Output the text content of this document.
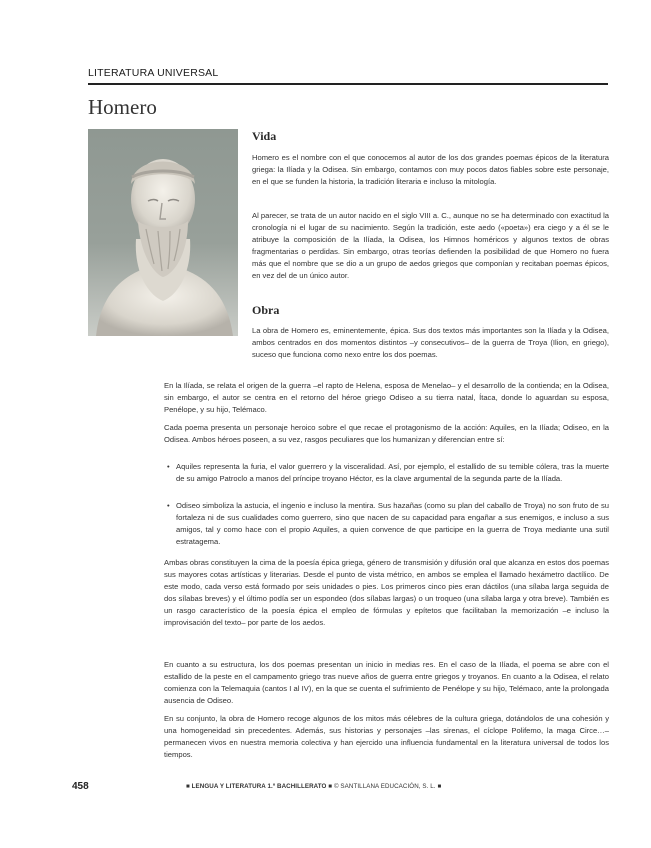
LITERATURA UNIVERSAL
Homero
Vida

Homero es el nombre con el que conocemos al autor de los dos grandes poemas épicos de la literatura griega: la Ilíada y la Odisea. Sin embargo, contamos con muy pocos datos fiables sobre este personaje, en el que se funden la historia, la tradición literaria e incluso la mitología.

Al parecer, se trata de un autor nacido en el siglo VIII a. C., aunque no se ha determinado con exactitud la cronología ni el lugar de su nacimiento. Según la tradición, este aedo («poeta») era ciego y a él se le atribuye la composición de la Ilíada, la Odisea, los Himnos homéricos y algunos textos de obras fragmentarias o perdidas. Sin embargo, otras teorías defienden la posibilidad de que Homero no fuera más que el nombre que se dio a un grupo de aedos griegos que componían y recitaban poemas épicos, en vez del de un único autor.

Obra

La obra de Homero es, eminentemente, épica. Sus dos textos más importantes son la Ilíada y la Odisea, ambos centrados en dos momentos distintos –y consecutivos– de la guerra de Troya (Ilion, en griego), suceso que funciona como nexo entre los dos poemas.

En la Ilíada, se relata el origen de la guerra –el rapto de Helena, esposa de Menelao– y el desarrollo de la contienda; en la Odisea, sin embargo, el autor se centra en el retorno del héroe griego Odiseo a su tierra natal, Ítaca, donde lo aguardan su esposa, Penélope, y su hijo, Telémaco.

Cada poema presenta un personaje heroico sobre el que recae el protagonismo de la acción: Aquiles, en la Ilíada; Odiseo, en la Odisea. Ambos héroes poseen, a su vez, rasgos peculiares que los humanizan y diferencian entre sí:

• Aquiles representa la furia, el valor guerrero y la visceralidad. Así, por ejemplo, el estallido de su temible cólera, tras la muerte de su amigo Patroclo a manos del príncipe troyano Héctor, es la clave argumental de la segunda parte de la Ilíada.
• Odiseo simboliza la astucia, el ingenio e incluso la mentira. Sus hazañas (como su plan del caballo de Troya) no son fruto de su fortaleza ni de sus cualidades como guerrero, sino que nacen de su capacidad para engañar a sus enemigos, e incluso a sus amigos, tal y como hace con el propio Aquiles, a quien convence de que participe en la guerra de Troya mediante una sutil estratagema.

Ambas obras constituyen la cima de la poesía épica griega, género de transmisión y difusión oral que alcanza en estos dos poemas sus mayores cotas artísticas y literarias. Desde el punto de vista métrico, en ambos se emplea el llamado hexámetro dactílico. De este modo, cada verso está formado por seis unidades o pies. Los primeros cinco pies eran dáctilos (una sílaba larga seguida de dos sílabas breves) y el último podía ser un espondeo (dos sílabas largas) o un troqueo (una sílaba larga y otra breve). También es un rasgo característico de la poesía épica el empleo de fórmulas y epítetos que facilitaban la memorización –e incluso la improvisación del texto– por parte de los aedos.

En cuanto a su estructura, los dos poemas presentan un inicio in medias res. En el caso de la Ilíada, el poema se abre con el estallido de la peste en el campamento griego tras nueve años de guerra entre griegos y troyanos. En cuanto a la Odisea, el relato comienza con la Telemaquia (cantos I al IV), en la que se cuenta el sufrimiento de Penélope y su hijo, Telémaco, ante la prolongada ausencia de Odiseo.

En su conjunto, la obra de Homero recoge algunos de los mitos más célebres de la cultura griega, dotándolos de una cohesión y una homogeneidad sin precedentes. Además, sus historias y personajes –las sirenas, el cíclope Polifemo, la maga Circe…– permanecen vivos en nuestra memoria colectiva y han ejercido una influencia fundamental en la literatura universal de todos los tiempos.

458	■ LENGUA Y LITERATURA 1.º BACHILLERATO ■ © SANTILLANA EDUCACIÓN, S. L. ■
